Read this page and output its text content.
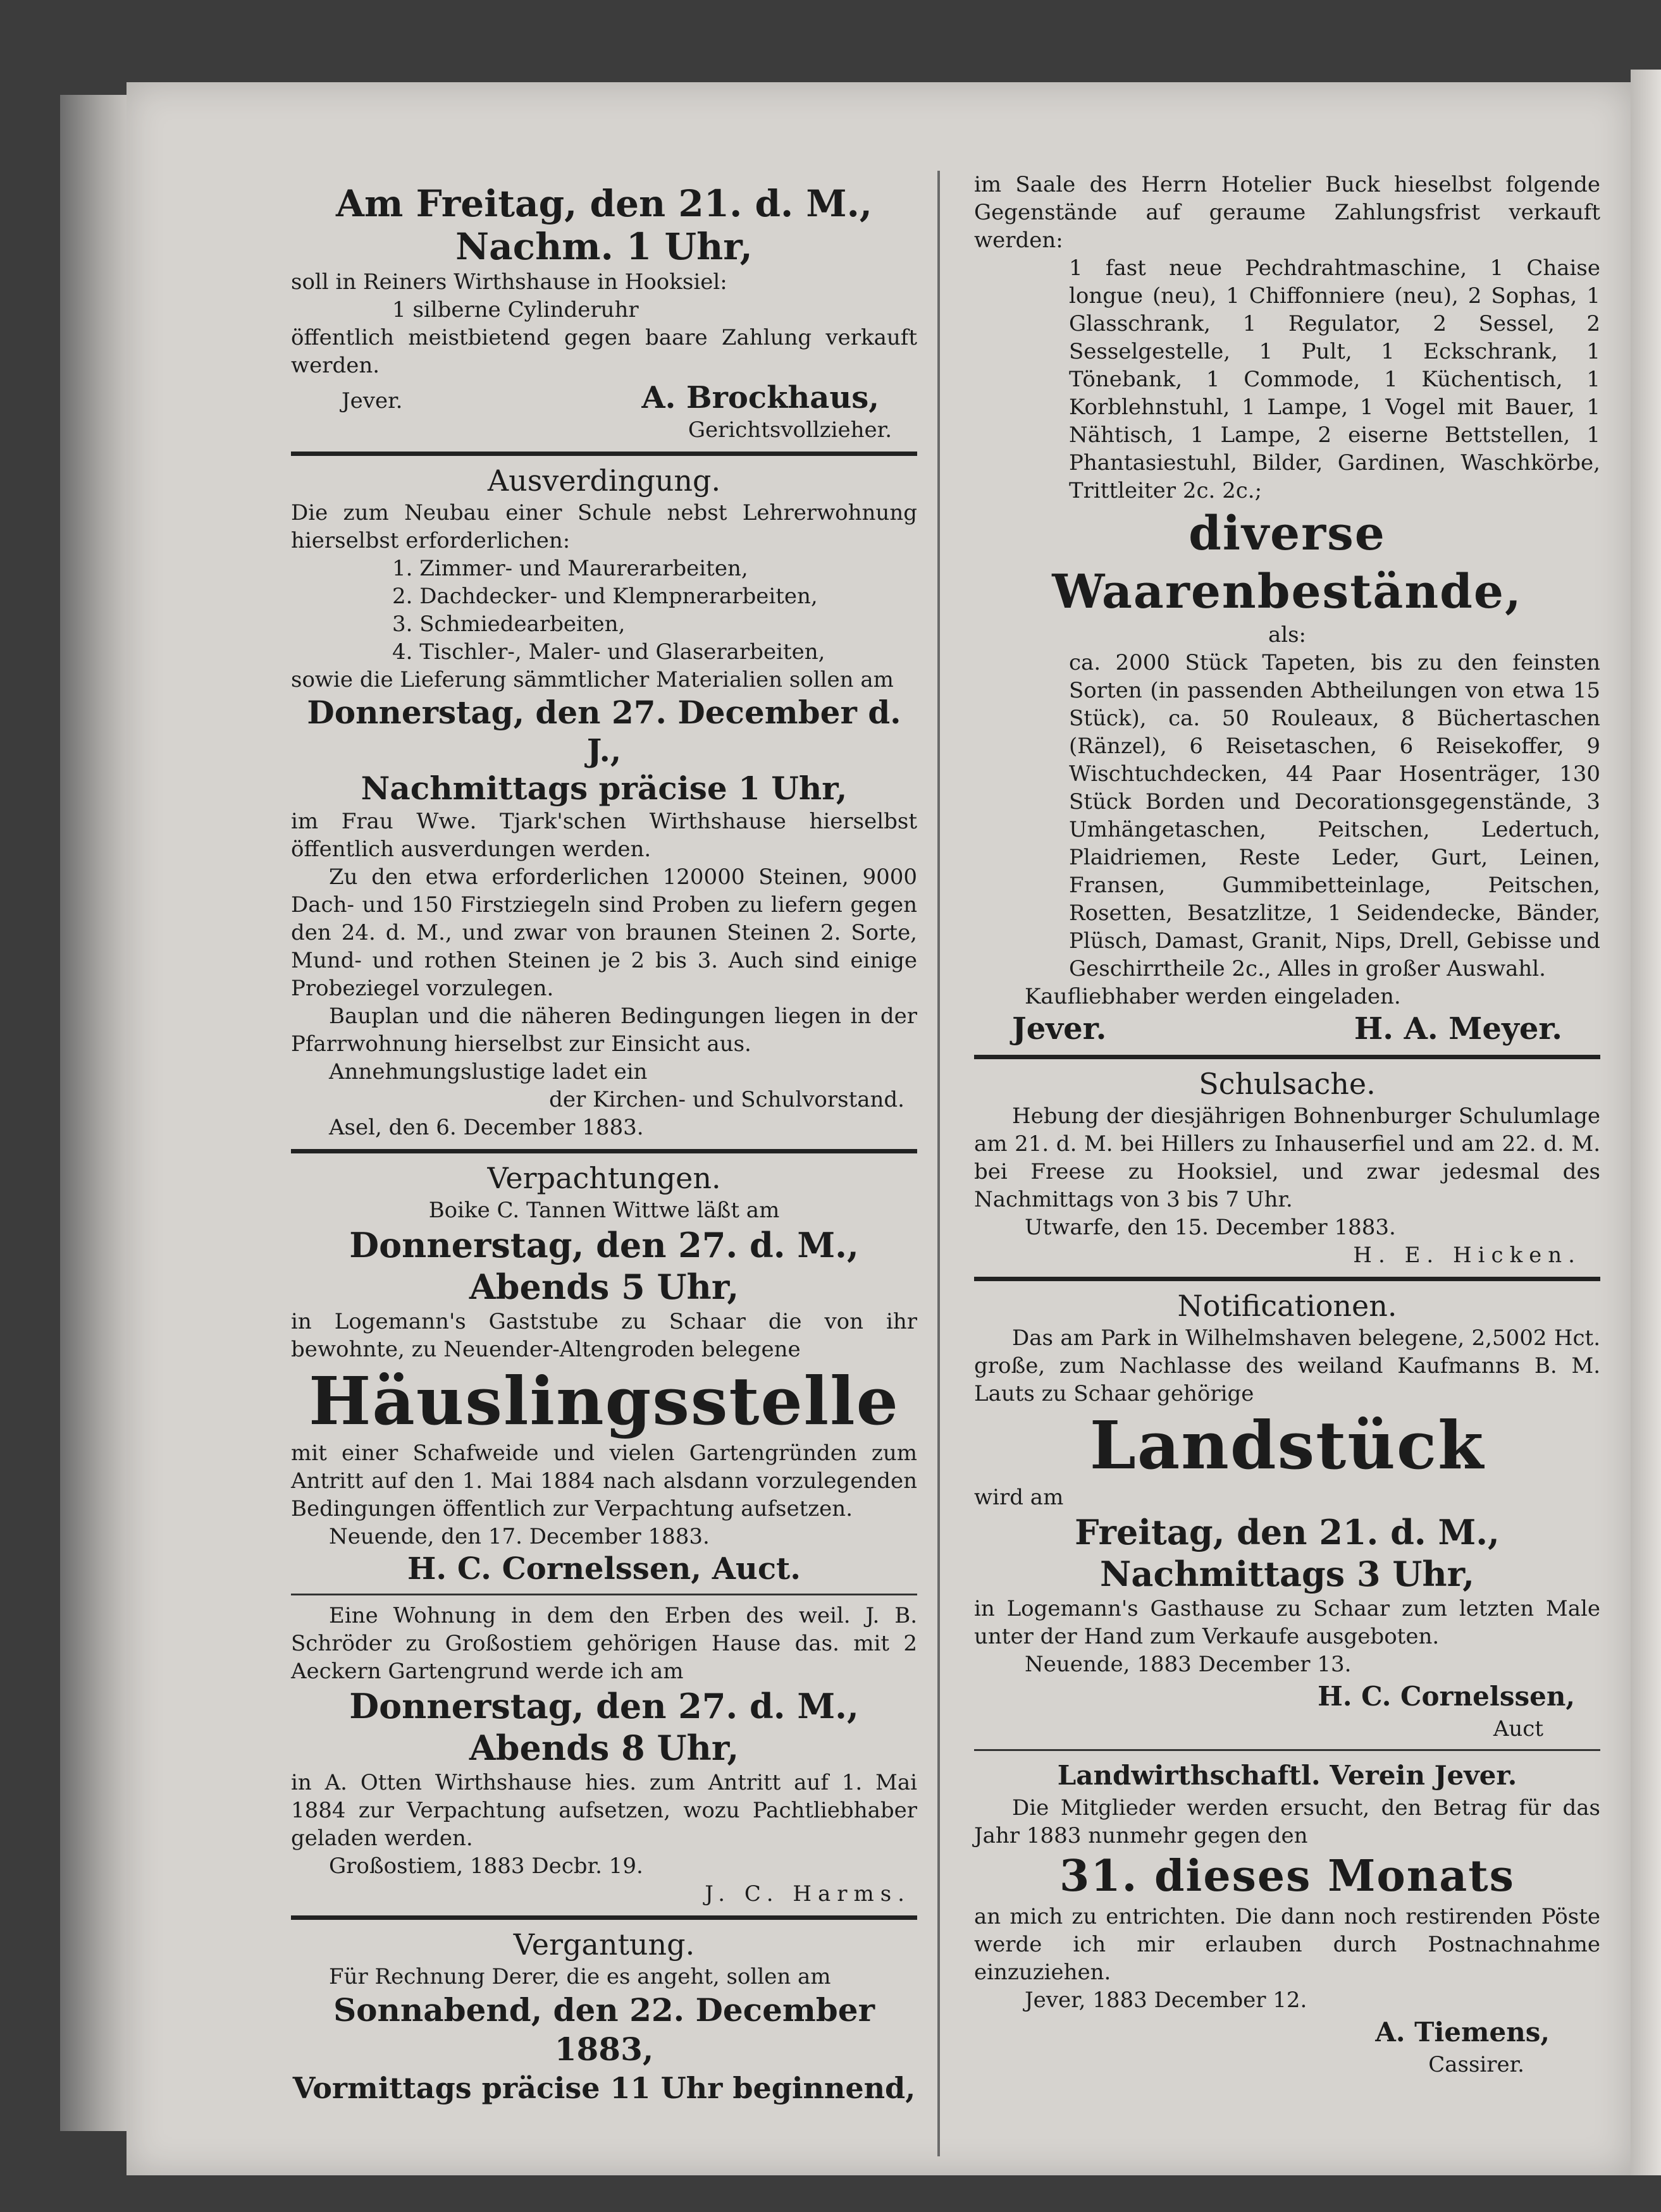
Am Freitag, den 21. d. M.,

Nachm. 1 Uhr,

soll in Reiners Wirthshause in Hooksiel:

1 silberne Cylinderuhr

öffentlich meistbietend gegen baare Zahlung verkauft werden.

Jever.	A. Brockhaus,

Gerichtsvollzieher.

Ausverdingung.

Die zum Neubau einer Schule nebst Lehrerwohnung hierselbst erforderlichen:

1. Zimmer- und Maurerarbeiten,

2. Dachdecker- und Klempnerarbeiten,

3. Schmiedearbeiten,

4. Tischler-, Maler- und Glaserarbeiten,

sowie die Lieferung sämmtlicher Materialien sollen am

Donnerstag, den 27. December d. J.,

Nachmittags präcise 1 Uhr,

im Frau Wwe. Tjark'schen Wirthshause hierselbst öffentlich ausverdungen werden.

Zu den etwa erforderlichen 120000 Steinen, 9000 Dach- und 150 Firstziegeln sind Proben zu liefern gegen den 24. d. M., und zwar von braunen Steinen 2. Sorte, Mund- und rothen Steinen je 2 bis 3. Auch sind einige Probeziegel vorzulegen.

Bauplan und die näheren Bedingungen liegen in der Pfarrwohnung hierselbst zur Einsicht aus.

Annehmungslustige ladet ein

der Kirchen- und Schulvorstand.

Asel, den 6. December 1883.

Verpachtungen.

Boike C. Tannen Wittwe läßt am

Donnerstag, den 27. d. M.,

Abends 5 Uhr,

in Logemann's Gaststube zu Schaar die von ihr bewohnte, zu Neuender-Altengroden belegene

Häuslingsstelle

mit einer Schafweide und vielen Gartengründen zum Antritt auf den 1. Mai 1884 nach alsdann vorzulegenden Bedingungen öffentlich zur Verpachtung aufsetzen.

Neuende, den 17. December 1883.

H. C. Cornelssen, Auct.

Eine Wohnung in dem den Erben des weil. J. B. Schröder zu Großostiem gehörigen Hause das. mit 2 Aeckern Gartengrund werde ich am

Donnerstag, den 27. d. M.,

Abends 8 Uhr,

in A. Otten Wirthshause hies. zum Antritt auf 1. Mai 1884 zur Verpachtung aufsetzen, wozu Pachtliebhaber geladen werden.

Großostiem, 1883 Decbr. 19.

J. C. Harms.

Vergantung.

Für Rechnung Derer, die es angeht, sollen am

Sonnabend, den 22. December 1883,

Vormittags präcise 11 Uhr beginnend,

im Saale des Herrn Hotelier Buck hieselbst folgende Gegenstände auf geraume Zahlungsfrist verkauft werden:

1 fast neue Pechdrahtmaschine, 1 Chaise longue (neu), 1 Chiffonniere (neu), 2 Sophas, 1 Glasschrank, 1 Regulator, 2 Sessel, 2 Sesselgestelle, 1 Pult, 1 Eckschrank, 1 Tönebank, 1 Commode, 1 Küchentisch, 1 Korblehnstuhl, 1 Lampe, 1 Vogel mit Bauer, 1 Nähtisch, 1 Lampe, 2 eiserne Bettstellen, 1 Phantasiestuhl, Bilder, Gardinen, Waschkörbe, Trittleiter 2c. 2c.;

diverse Waarenbestände,

als:

ca. 2000 Stück Tapeten, bis zu den feinsten Sorten (in passenden Abtheilungen von etwa 15 Stück), ca. 50 Rouleaux, 8 Büchertaschen (Ränzel), 6 Reisetaschen, 6 Reisekoffer, 9 Wischtuchdecken, 44 Paar Hosenträger, 130 Stück Borden und Decorationsgegenstände, 3 Umhängetaschen, Peitschen, Ledertuch, Plaidriemen, Reste Leder, Gurt, Leinen, Fransen, Gummibetteinlage, Peitschen, Rosetten, Besatzlitze, 1 Seidendecke, Bänder, Plüsch, Damast, Granit, Nips, Drell, Gebisse und Geschirrtheile 2c., Alles in großer Auswahl.

Kaufliebhaber werden eingeladen.

Jever.	H. A. Meyer.

Schulsache.

Hebung der diesjährigen Bohnenburger Schulumlage am 21. d. M. bei Hillers zu Inhauserfiel und am 22. d. M. bei Freese zu Hooksiel, und zwar jedesmal des Nachmittags von 3 bis 7 Uhr.

Utwarfe, den 15. December 1883.

H. E. Hicken.

Notificationen.

Das am Park in Wilhelmshaven belegene, 2,5002 Hct. große, zum Nachlasse des weiland Kaufmanns B. M. Lauts zu Schaar gehörige

Landstück

wird am

Freitag, den 21. d. M.,

Nachmittags 3 Uhr,

in Logemann's Gasthause zu Schaar zum letzten Male unter der Hand zum Verkaufe ausgeboten.

Neuende, 1883 December 13.

H. C. Cornelssen,

Auct

Landwirthschaftl. Verein Jever.

Die Mitglieder werden ersucht, den Betrag für das Jahr 1883 nunmehr gegen den

31. dieses Monats

an mich zu entrichten. Die dann noch restirenden Pöste werde ich mir erlauben durch Postnachnahme einzuziehen.

Jever, 1883 December 12.

A. Tiemens,

Cassirer.
